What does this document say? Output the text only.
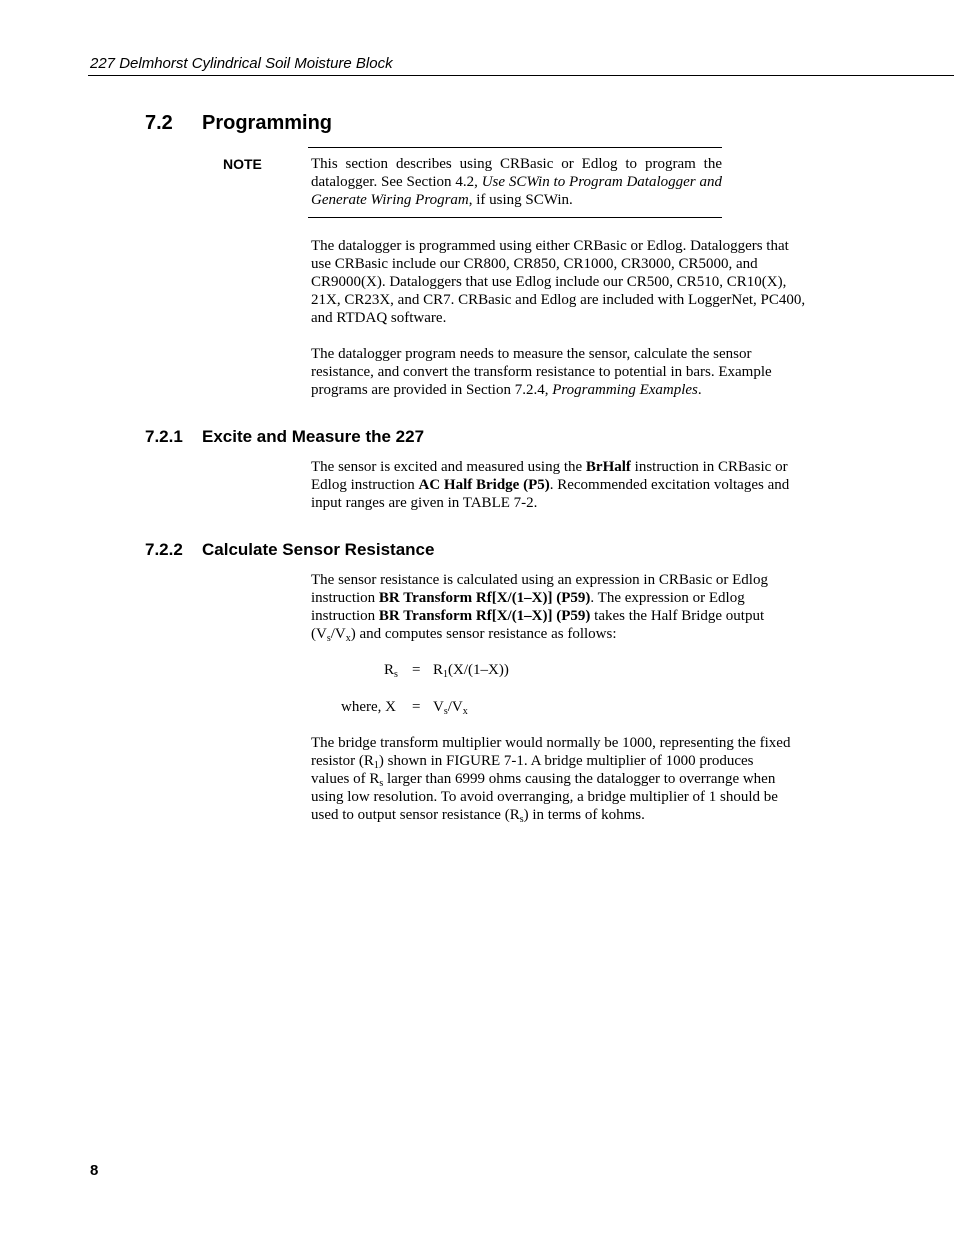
227 Delmhorst Cylindrical Soil Moisture Block
7.2 Programming
NOTE	This section describes using CRBasic or Edlog to program the datalogger. See Section 4.2, Use SCWin to Program Datalogger and Generate Wiring Program, if using SCWin.
The datalogger is programmed using either CRBasic or Edlog. Dataloggers that use CRBasic include our CR800, CR850, CR1000, CR3000, CR5000, and CR9000(X). Dataloggers that use Edlog include our CR500, CR510, CR10(X), 21X, CR23X, and CR7. CRBasic and Edlog are included with LoggerNet, PC400, and RTDAQ software.
The datalogger program needs to measure the sensor, calculate the sensor resistance, and convert the transform resistance to potential in bars. Example programs are provided in Section 7.2.4, Programming Examples.
7.2.1 Excite and Measure the 227
The sensor is excited and measured using the BrHalf instruction in CRBasic or Edlog instruction AC Half Bridge (P5). Recommended excitation voltages and input ranges are given in TABLE 7-2.
7.2.2 Calculate Sensor Resistance
The sensor resistance is calculated using an expression in CRBasic or Edlog instruction BR Transform Rf[X/(1–X)] (P59). The expression or Edlog instruction BR Transform Rf[X/(1–X)] (P59) takes the Half Bridge output $(V_s/V_x)$ and computes sensor resistance as follows:
$R_s = R_1(X/(1-X))$
where, $X = V_s/V_x$
The bridge transform multiplier would normally be 1000, representing the fixed resistor $(R_1)$ shown in FIGURE 7-1. A bridge multiplier of 1000 produces values of $R_s$ larger than 6999 ohms causing the datalogger to overrange when using low resolution. To avoid overranging, a bridge multiplier of 1 should be used to output sensor resistance $(R_s)$ in terms of kohms.
8
